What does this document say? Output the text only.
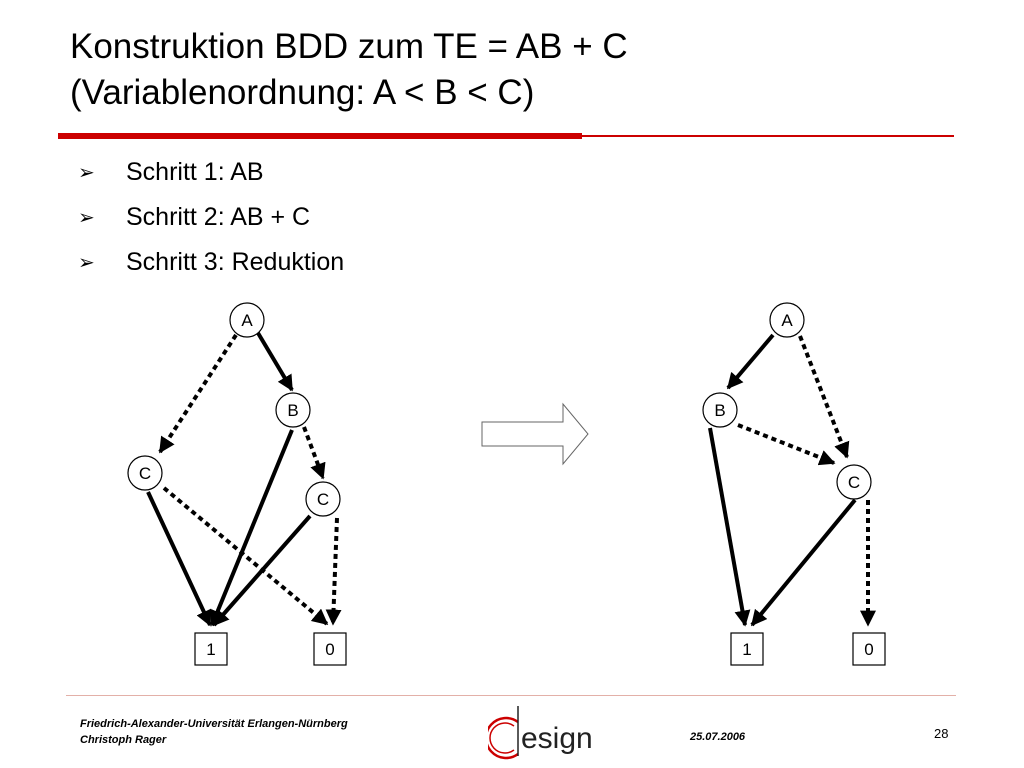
Konstruktion BDD zum TE = AB + C
(Variablenordnung: A < B < C)
➢	Schritt 1: AB
➢	Schritt 2: AB + C
➢	Schritt 3: Reduktion
A
B
C
C
1	0
A
B
C
1	0
Friedrich-Alexander-Universität Erlangen-Nürnberg
Christoph Rager	esign	25.07.2006	28
